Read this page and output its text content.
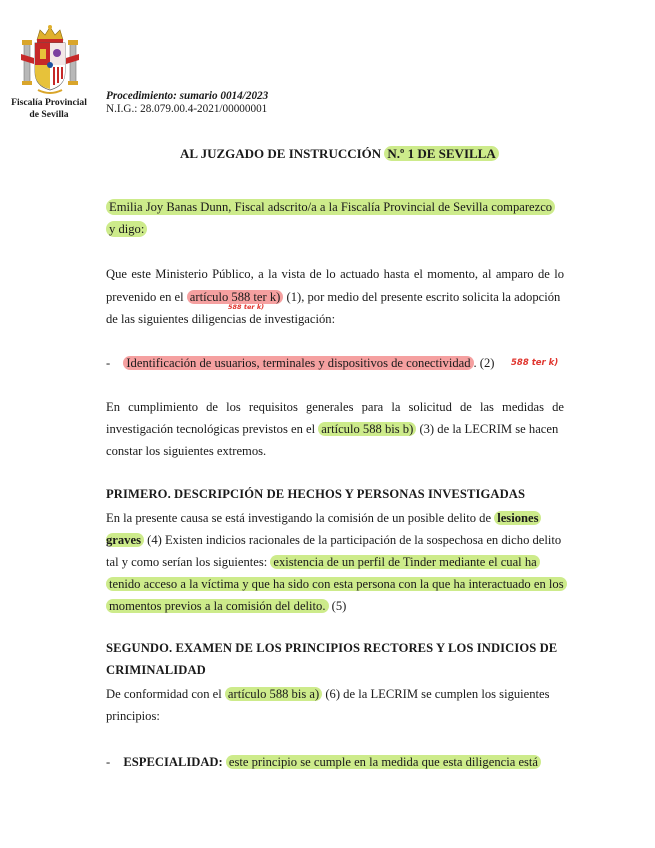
Fiscalía Provincial
de Sevilla
Procedimiento: sumario 0014/2023
N.I.G.: 28.079.00.4-2021/00000001
AL JUZGADO DE INSTRUCCIÓN N.º 1 DE SEVILLA
Emilia Joy Banas Dunn, Fiscal adscrito/a a la Fiscalía Provincial de Sevilla comparezco
y digo:
Que este Ministerio Público, a la vista de lo actuado hasta el momento, al amparo de lo
prevenido en el artículo 588 ter k) (1), por medio del presente escrito solicita la adopción
588 ter k)
de las siguientes diligencias de investigación:
- Identificación de usuarios, terminales y dispositivos de conectividad . (2) 588 ter k)
En cumplimiento de los requisitos generales para la solicitud de las medidas de
investigación tecnológicas previstos en el artículo 588 bis b) (3) de la LECRIM se hacen
constar los siguientes extremos.
PRIMERO. DESCRIPCIÓN DE HECHOS Y PERSONAS INVESTIGADAS
En la presente causa se está investigando la comisión de un posible delito de lesiones
graves (4) Existen indicios racionales de la participación de la sospechosa en dicho delito
tal y como serían los siguientes: existencia de un perfil de Tinder mediante el cual ha
tenido acceso a la víctima y que ha sido con esta persona con la que ha interactuado en los
momentos previos a la comisión del delito. (5)
SEGUNDO. EXAMEN DE LOS PRINCIPIOS RECTORES Y LOS INDICIOS DE
CRIMINALIDAD
De conformidad con el artículo 588 bis a) (6) de la LECRIM se cumplen los siguientes
principios:
- ESPECIALIDAD: este principio se cumple en la medida que esta diligencia está
